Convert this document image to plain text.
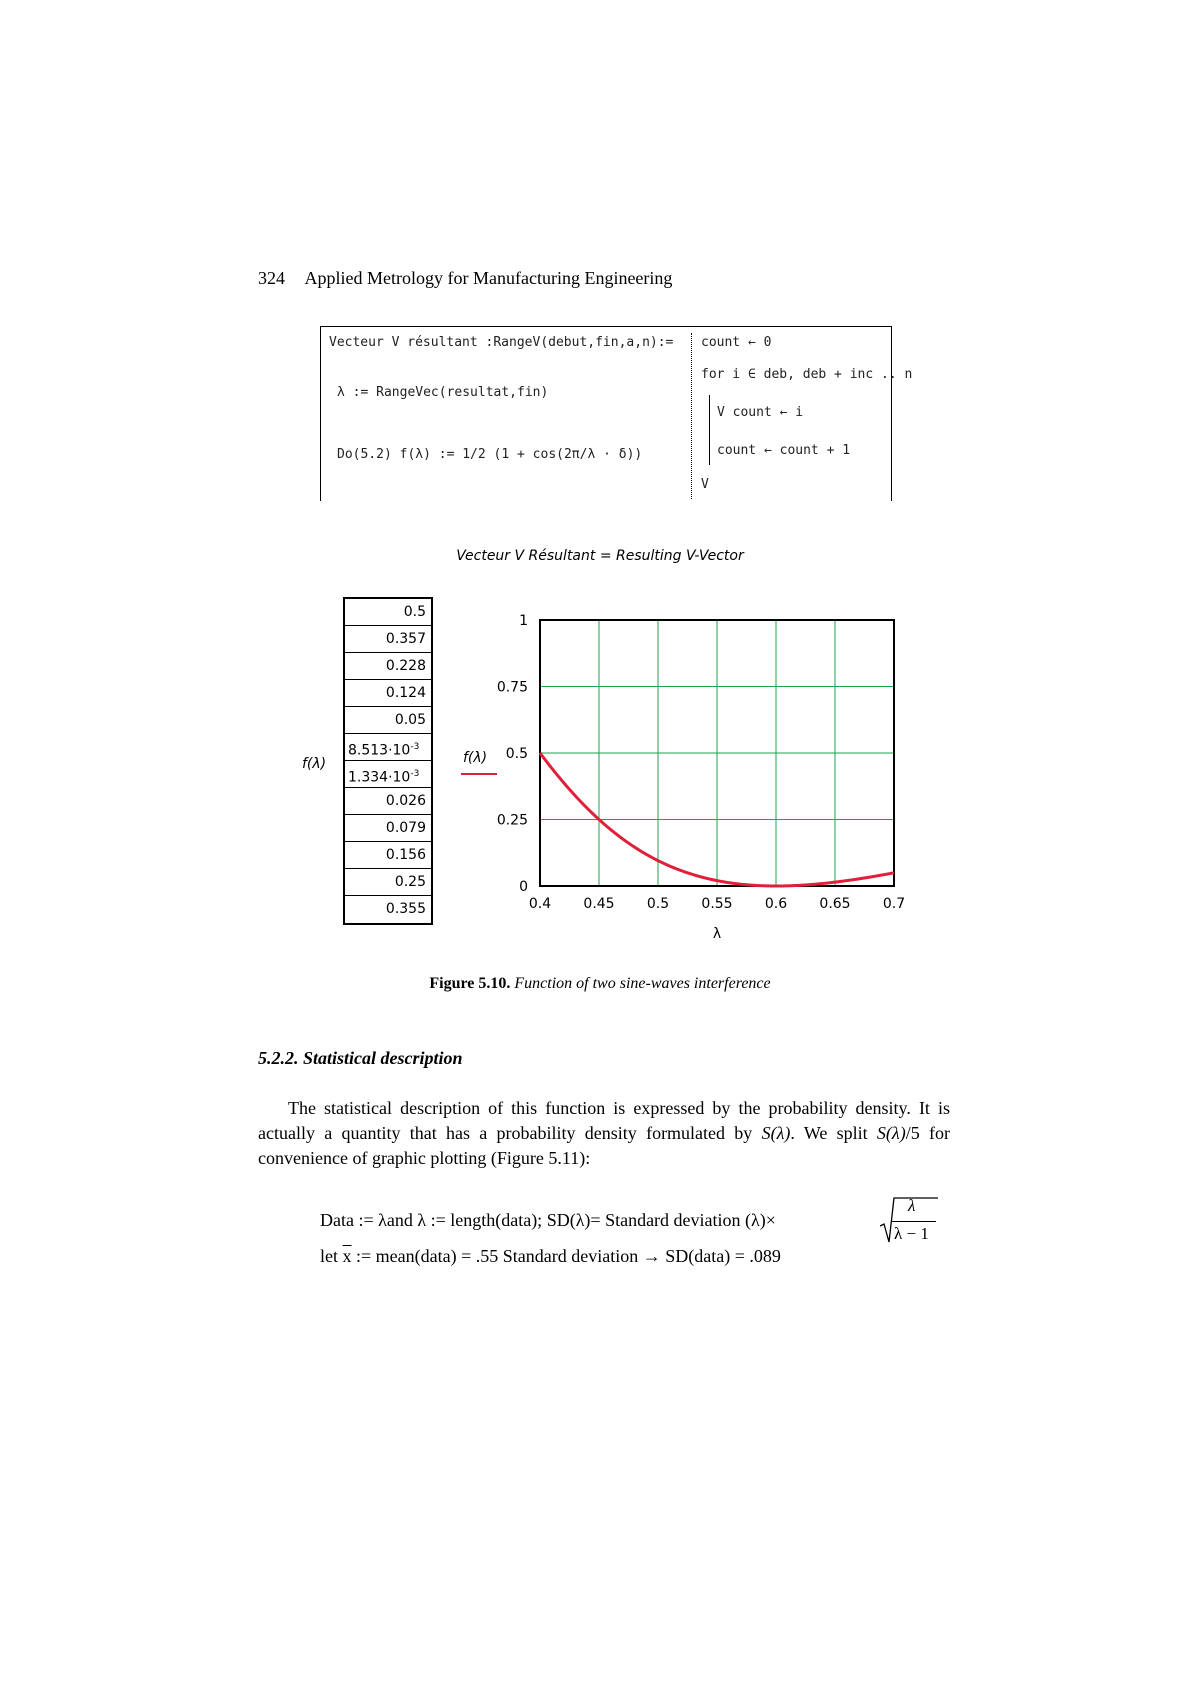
324 Applied Metrology for Manufacturing Engineering
Vecteur V résultant :RangeV(debut,fin,a,n):=
λ := RangeVec(resultat,fin)
Do(5.2) f(λ) := 1/2 (1 + cos(2π/λ · δ))
count ← 0
for i ∈ deb, deb + inc .. n
V count ← i
count ← count + 1
V
Vecteur V Résultant = Resulting V-Vector
f(λ)
0.5
0.357
0.228
0.124
0.05
$8.513\cdot 10^{-3}$
$1.334\cdot 10^{-3}$
0.026
0.079
0.156
0.25
0.355	0.4 0.45 0.5 0.55 0.6 0.65 0.7
0
0.25
0.5
0.75
1
λ
f(λ)
Figure 5.10. Function of two sine-waves interference
5.2.2. Statistical description
The statistical description of this function is expressed by the probability density. It is actually a quantity that has a probability density formulated by S(λ). We split S(λ)/5 for convenience of graphic plotting (Figure 5.11):
Data := λand λ := length(data); SD(λ)= Standard deviation (λ)×
λ
λ − 1
let $\overline{x}$ := mean(data) = .55 Standard deviation → SD(data) = .089
